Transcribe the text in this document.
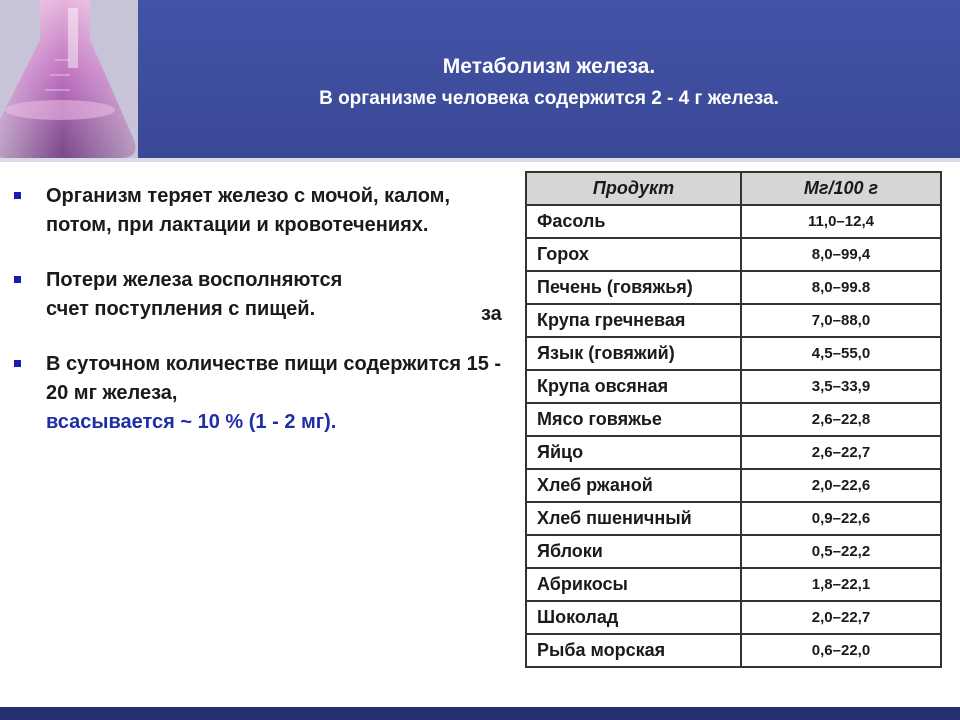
Метаболизм железа.
В организме человека содержится 2 - 4 г железа.
Организм теряет железо с мочой, калом, потом, при лактации и кровотечениях.
Потери железа восполняются
счет поступления с пищей.
В суточном количестве пищи содержится 15 - 20 мг железа,
всасывается ~ 10 % (1 - 2 мг).
за
Продукт	Мг/100 г
Фасоль	11,0–12,4
Горох	8,0–99,4
Печень (говяжья)	8,0–99.8
Крупа гречневая	7,0–88,0
Язык (говяжий)	4,5–55,0
Крупа овсяная	3,5–33,9
Мясо говяжье	2,6–22,8
Яйцо	2,6–22,7
Хлеб ржаной	2,0–22,6
Хлеб пшеничный	0,9–22,6
Яблоки	0,5–22,2
Абрикосы	1,8–22,1
Шоколад	2,0–22,7
Рыба морская	0,6–22,0
